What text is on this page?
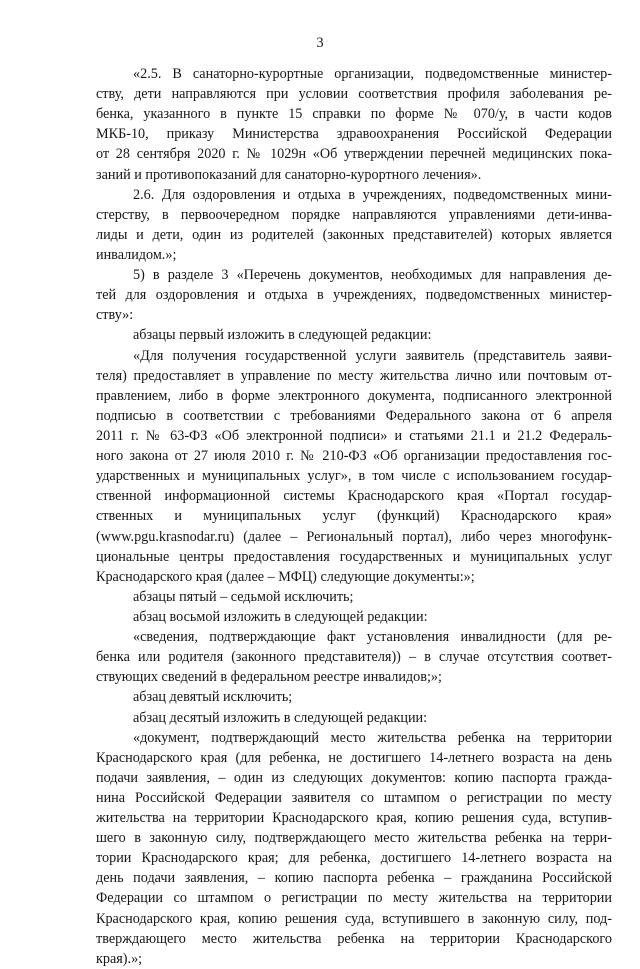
3
«2.5. В санаторно-курортные организации, подведомственные министер-
ству, дети направляются при условии соответствия профиля заболевания ре-
бенка, указанного в пункте 15 справки по форме № 070/у, в части кодов
МКБ-10, приказу Министерства здравоохранения Российской Федерации
от 28 сентября 2020 г. № 1029н «Об утверждении перечней медицинских пока-
заний и противопоказаний для санаторно-курортного лечения».
2.6. Для оздоровления и отдыха в учреждениях, подведомственных мини-
стерству, в первоочередном порядке направляются управлениями дети-инва-
лиды и дети, один из родителей (законных представителей) которых является
инвалидом.»;
5) в разделе 3 «Перечень документов, необходимых для направления де-
тей для оздоровления и отдыха в учреждениях, подведомственных министер-
ству»:
абзацы первый изложить в следующей редакции:
«Для получения государственной услуги заявитель (представитель заяви-
теля) предоставляет в управление по месту жительства лично или почтовым от-
правлением, либо в форме электронного документа, подписанного электронной
подписью в соответствии с требованиями Федерального закона от 6 апреля
2011 г. № 63-ФЗ «Об электронной подписи» и статьями 21.1 и 21.2 Федераль-
ного закона от 27 июля 2010 г. № 210-ФЗ «Об организации предоставления гос-
ударственных и муниципальных услуг», в том числе с использованием государ-
ственной информационной системы Краснодарского края «Портал государ-
ственных и муниципальных услуг (функций) Краснодарского края»
(www.pgu.krasnodar.ru) (далее – Региональный портал), либо через многофунк-
циональные центры предоставления государственных и муниципальных услуг
Краснодарского края (далее – МФЦ) следующие документы:»;
абзацы пятый – седьмой исключить;
абзац восьмой изложить в следующей редакции:
«сведения, подтверждающие факт установления инвалидности (для ре-
бенка или родителя (законного представителя)) – в случае отсутствия соответ-
ствующих сведений в федеральном реестре инвалидов;»;
абзац девятый исключить;
абзац десятый изложить в следующей редакции:
«документ, подтверждающий место жительства ребенка на территории
Краснодарского края (для ребенка, не достигшего 14-летнего возраста на день
подачи заявления, – один из следующих документов: копию паспорта гражда-
нина Российской Федерации заявителя со штампом о регистрации по месту
жительства на территории Краснодарского края, копию решения суда, вступив-
шего в законную силу, подтверждающего место жительства ребенка на терри-
тории Краснодарского края; для ребенка, достигшего 14-летнего возраста на
день подачи заявления, – копию паспорта ребенка – гражданина Российской
Федерации со штампом о регистрации по месту жительства на территории
Краснодарского края, копию решения суда, вступившего в законную силу, под-
тверждающего место жительства ребенка на территории Краснодарского
края).»;
